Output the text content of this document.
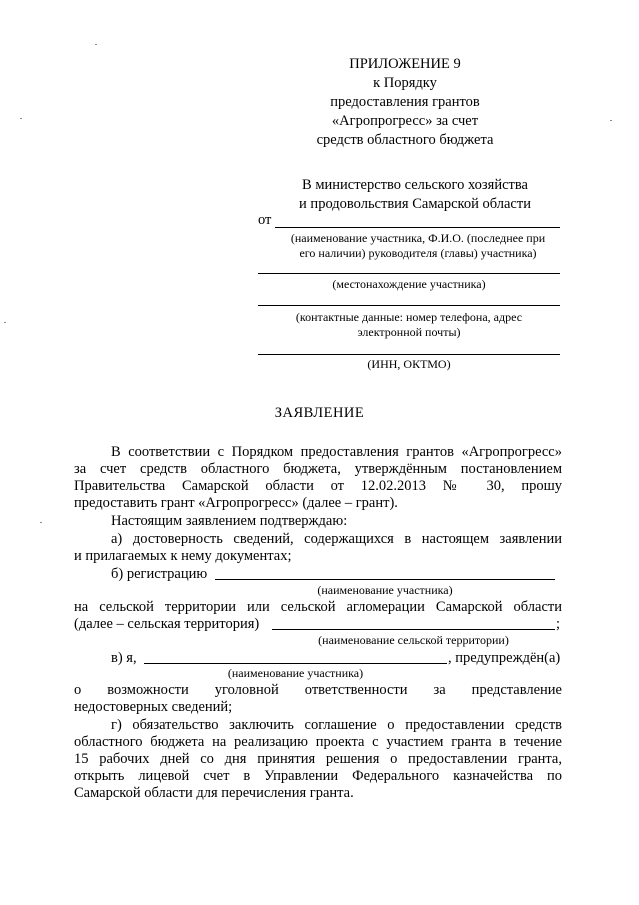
ПРИЛОЖЕНИЕ 9
к Порядку
предоставления грантов
«Агропрогресс» за счет
средств областного бюджета
В министерство сельского хозяйства
и продовольствия Самарской области
от
(наименование участника, Ф.И.О. (последнее при
его наличии) руководителя (главы) участника)
(местонахождение участника)
(контактные данные: номер телефона, адрес
электронной почты)
(ИНН, ОКТМО)
ЗАЯВЛЕНИЕ
В соответствии с Порядком предоставления грантов «Агропрогресс»
за счет средств областного бюджета, утверждённым постановлением
Правительства Самарской области от 12.02.2013 № 30, прошу
предоставить грант «Агропрогресс» (далее – грант).
Настоящим заявлением подтверждаю:
а) достоверность сведений, содержащихся в настоящем заявлении
и прилагаемых к нему документах;
б) регистрацию
(наименование участника)
на сельской территории или сельской агломерации Самарской области
(далее – сельская территория)	;
(наименование сельской территории)
в) я,	, предупреждён(а)
(наименование участника)
о возможности уголовной ответственности за представление
недостоверных сведений;
г) обязательство заключить соглашение о предоставлении средств
областного бюджета на реализацию проекта с участием гранта в течение
15 рабочих дней со дня принятия решения о предоставлении гранта,
открыть лицевой счет в Управлении Федерального казначейства по
Самарской области для перечисления гранта.
